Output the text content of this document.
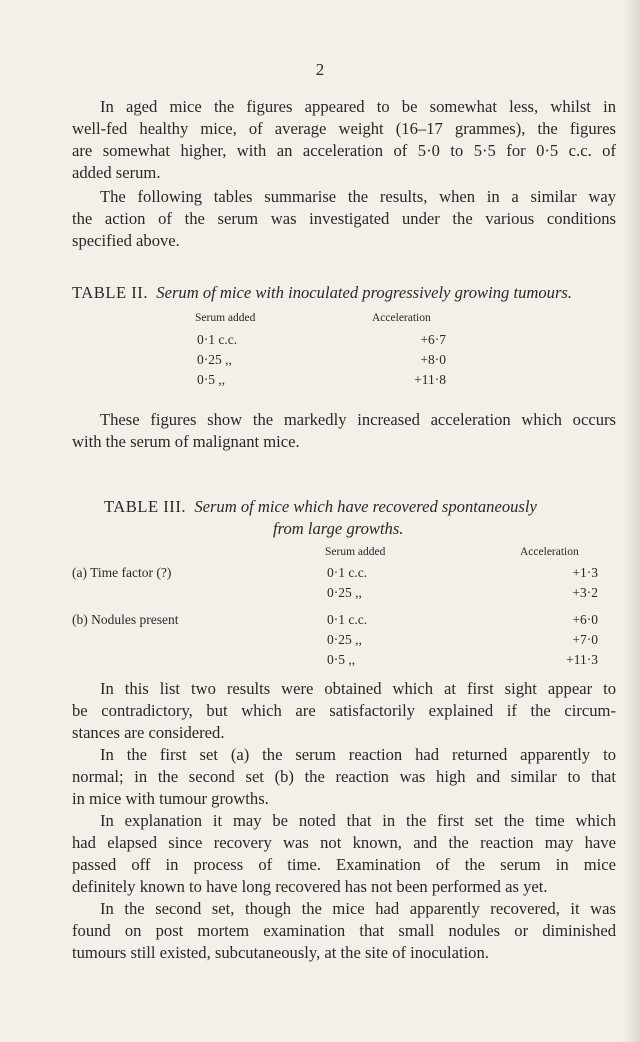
2

In aged mice the figures appeared to be somewhat less, whilst in
well-fed healthy mice, of average weight (16–17 grammes), the figures
are somewhat higher, with an acceleration of 5·0 to 5·5 for 0·5 c.c. of
added serum.

The following tables summarise the results, when in a similar way
the action of the serum was investigated under the various conditions
specified above.

TABLE II. Serum of mice with inoculated progressively growing tumours.
Serum added	Acceleration
0·1 c.c.	+6·7
0·25 ,,	+8·0
0·5 ,,	+11·8

These figures show the markedly increased acceleration which occurs
with the serum of malignant mice.

TABLE III. Serum of mice which have recovered spontaneously
from large growths.
Serum added	Acceleration
(a) Time factor (?)	0·1 c.c.	+1·3
0·25 ,,	+3·2
(b) Nodules present	0·1 c.c.	+6·0
0·25 ,,	+7·0
0·5 ,,	+11·3

In this list two results were obtained which at first sight appear to
be contradictory, but which are satisfactorily explained if the circum-
stances are considered.

In the first set (a) the serum reaction had returned apparently to
normal; in the second set (b) the reaction was high and similar to that
in mice with tumour growths.

In explanation it may be noted that in the first set the time which
had elapsed since recovery was not known, and the reaction may have
passed off in process of time. Examination of the serum in mice
definitely known to have long recovered has not been performed as yet.

In the second set, though the mice had apparently recovered, it was
found on post mortem examination that small nodules or diminished
tumours still existed, subcutaneously, at the site of inoculation.
